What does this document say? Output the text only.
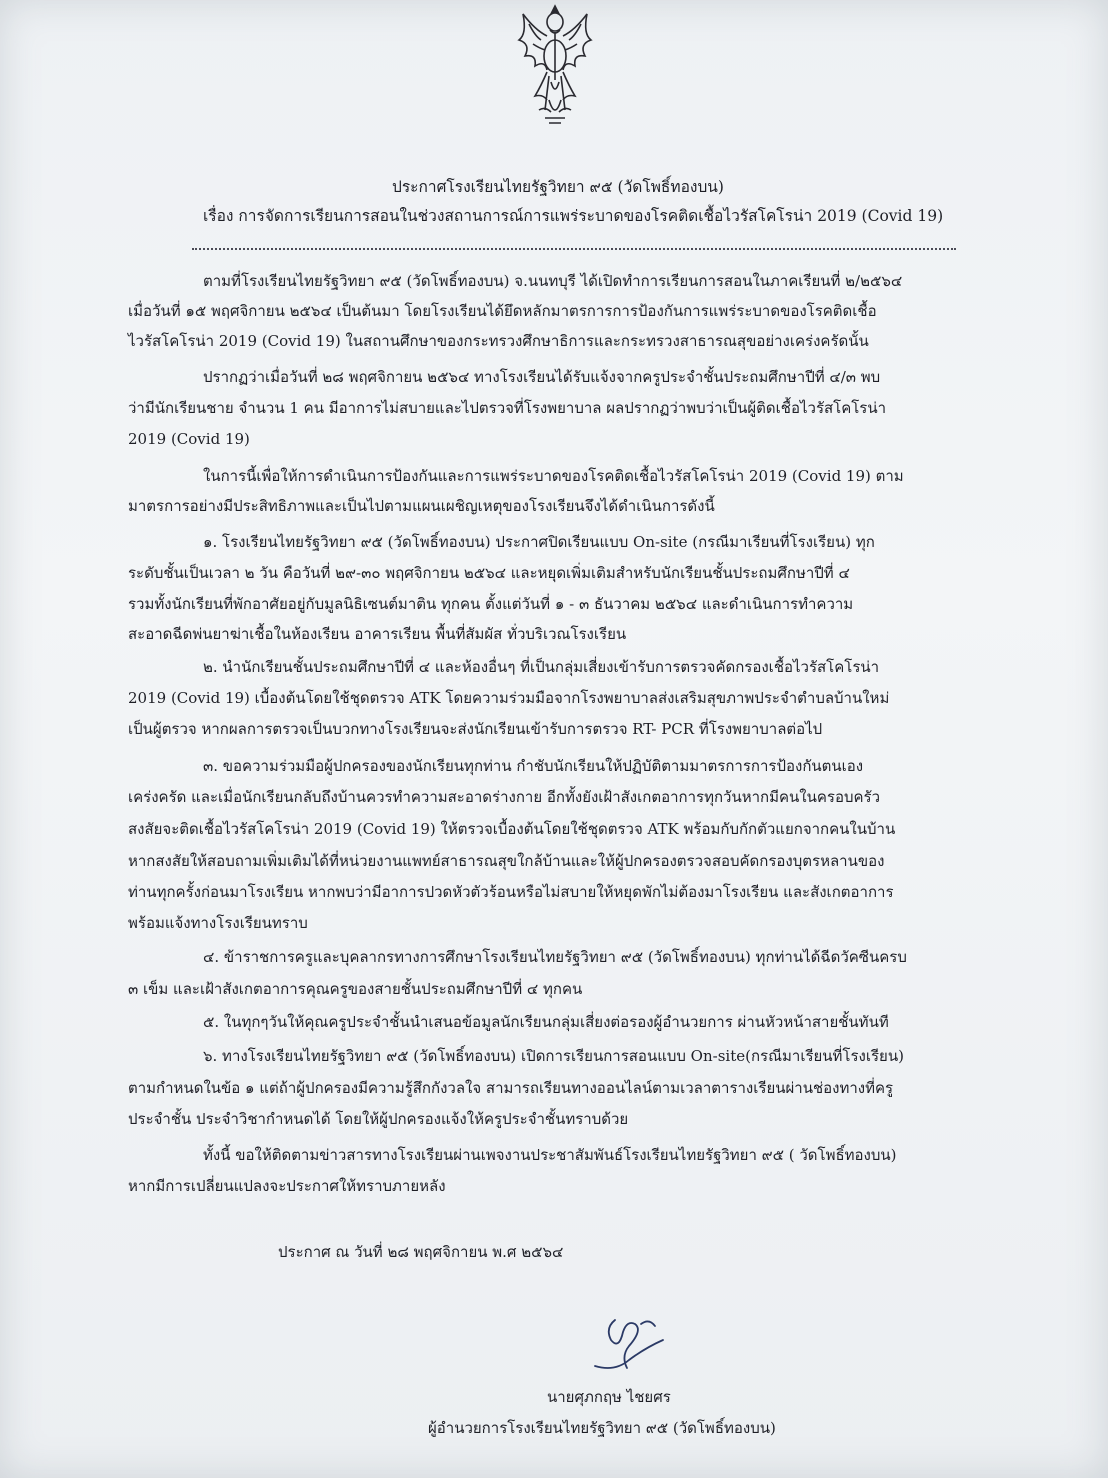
ประกาศโรงเรียนไทยรัฐวิทยา ๙๕ (วัดโพธิ์ทองบน)
เรื่อง การจัดการเรียนการสอนในช่วงสถานการณ์การแพร่ระบาดของโรคติดเชื้อไวรัสโคโรน่า 2019 (Covid 19)
ตามที่โรงเรียนไทยรัฐวิทยา ๙๕ (วัดโพธิ์ทองบน) จ.นนทบุรี ได้เปิดทำการเรียนการสอนในภาคเรียนที่ ๒/๒๕๖๔
เมื่อวันที่ ๑๕ พฤศจิกายน ๒๕๖๔ เป็นต้นมา โดยโรงเรียนได้ยึดหลักมาตรการการป้องกันการแพร่ระบาดของโรคติดเชื้อ
ไวรัสโคโรน่า 2019 (Covid 19) ในสถานศึกษาของกระทรวงศึกษาธิการและกระทรวงสาธารณสุขอย่างเคร่งครัดนั้น
ปรากฏว่าเมื่อวันที่ ๒๘ พฤศจิกายน ๒๕๖๔ ทางโรงเรียนได้รับแจ้งจากครูประจำชั้นประถมศึกษาปีที่ ๔/๓ พบ
ว่ามีนักเรียนชาย จำนวน 1 คน มีอาการไม่สบายและไปตรวจที่โรงพยาบาล ผลปรากฏว่าพบว่าเป็นผู้ติดเชื้อไวรัสโคโรน่า
2019 (Covid 19)
ในการนี้เพื่อให้การดำเนินการป้องกันและการแพร่ระบาดของโรคติดเชื้อไวรัสโคโรน่า 2019 (Covid 19) ตาม
มาตรการอย่างมีประสิทธิภาพและเป็นไปตามแผนเผชิญเหตุของโรงเรียนจึงได้ดำเนินการดังนี้
๑. โรงเรียนไทยรัฐวิทยา ๙๕ (วัดโพธิ์ทองบน) ประกาศปิดเรียนแบบ On-site (กรณีมาเรียนที่โรงเรียน) ทุก
ระดับชั้นเป็นเวลา ๒ วัน คือวันที่ ๒๙-๓๐ พฤศจิกายน ๒๕๖๔ และหยุดเพิ่มเติมสำหรับนักเรียนชั้นประถมศึกษาปีที่ ๔
รวมทั้งนักเรียนที่พักอาศัยอยู่กับมูลนิธิเซนต์มาติน ทุกคน ตั้งแต่วันที่ ๑ - ๓ ธันวาคม ๒๕๖๔ และดำเนินการทำความ
สะอาดฉีดพ่นยาฆ่าเชื้อในห้องเรียน อาคารเรียน พื้นที่สัมผัส ทั่วบริเวณโรงเรียน
๒. นำนักเรียนชั้นประถมศึกษาปีที่ ๔ และห้องอื่นๆ ที่เป็นกลุ่มเสี่ยงเข้ารับการตรวจคัดกรองเชื้อไวรัสโคโรน่า
2019 (Covid 19) เบื้องต้นโดยใช้ชุดตรวจ ATK โดยความร่วมมือจากโรงพยาบาลส่งเสริมสุขภาพประจำตำบลบ้านใหม่
เป็นผู้ตรวจ หากผลการตรวจเป็นบวกทางโรงเรียนจะส่งนักเรียนเข้ารับการตรวจ RT- PCR ที่โรงพยาบาลต่อไป
๓. ขอความร่วมมือผู้ปกครองของนักเรียนทุกท่าน กำชับนักเรียนให้ปฏิบัติตามมาตรการการป้องกันตนเอง
เคร่งครัด และเมื่อนักเรียนกลับถึงบ้านควรทำความสะอาดร่างกาย อีกทั้งยังเฝ้าสังเกตอาการทุกวันหากมีคนในครอบครัว
สงสัยจะติดเชื้อไวรัสโคโรน่า 2019 (Covid 19) ให้ตรวจเบื้องต้นโดยใช้ชุดตรวจ ATK พร้อมกับกักตัวแยกจากคนในบ้าน
หากสงสัยให้สอบถามเพิ่มเติมได้ที่หน่วยงานแพทย์สาธารณสุขใกล้บ้านและให้ผู้ปกครองตรวจสอบคัดกรองบุตรหลานของ
ท่านทุกครั้งก่อนมาโรงเรียน หากพบว่ามีอาการปวดหัวตัวร้อนหรือไม่สบายให้หยุดพักไม่ต้องมาโรงเรียน และสังเกตอาการ
พร้อมแจ้งทางโรงเรียนทราบ
๔. ข้าราชการครูและบุคลากรทางการศึกษาโรงเรียนไทยรัฐวิทยา ๙๕ (วัดโพธิ์ทองบน) ทุกท่านได้ฉีดวัคซีนครบ
๓ เข็ม และเฝ้าสังเกตอาการคุณครูของสายชั้นประถมศึกษาปีที่ ๔ ทุกคน
๕. ในทุกๆวันให้คุณครูประจำชั้นนำเสนอข้อมูลนักเรียนกลุ่มเสี่ยงต่อรองผู้อำนวยการ ผ่านหัวหน้าสายชั้นทันที
๖. ทางโรงเรียนไทยรัฐวิทยา ๙๕ (วัดโพธิ์ทองบน) เปิดการเรียนการสอนแบบ On-site(กรณีมาเรียนที่โรงเรียน)
ตามกำหนดในข้อ ๑ แต่ถ้าผู้ปกครองมีความรู้สึกกังวลใจ สามารถเรียนทางออนไลน์ตามเวลาตารางเรียนผ่านช่องทางที่ครู
ประจำชั้น ประจำวิชากำหนดได้ โดยให้ผู้ปกครองแจ้งให้ครูประจำชั้นทราบด้วย
ทั้งนี้ ขอให้ติดตามข่าวสารทางโรงเรียนผ่านเพจงานประชาสัมพันธ์โรงเรียนไทยรัฐวิทยา ๙๕ ( วัดโพธิ์ทองบน)
หากมีการเปลี่ยนแปลงจะประกาศให้ทราบภายหลัง
ประกาศ ณ วันที่ ๒๘ พฤศจิกายน พ.ศ ๒๕๖๔
นายศุภกฤษ ไชยศร
ผู้อำนวยการโรงเรียนไทยรัฐวิทยา ๙๕ (วัดโพธิ์ทองบน)
